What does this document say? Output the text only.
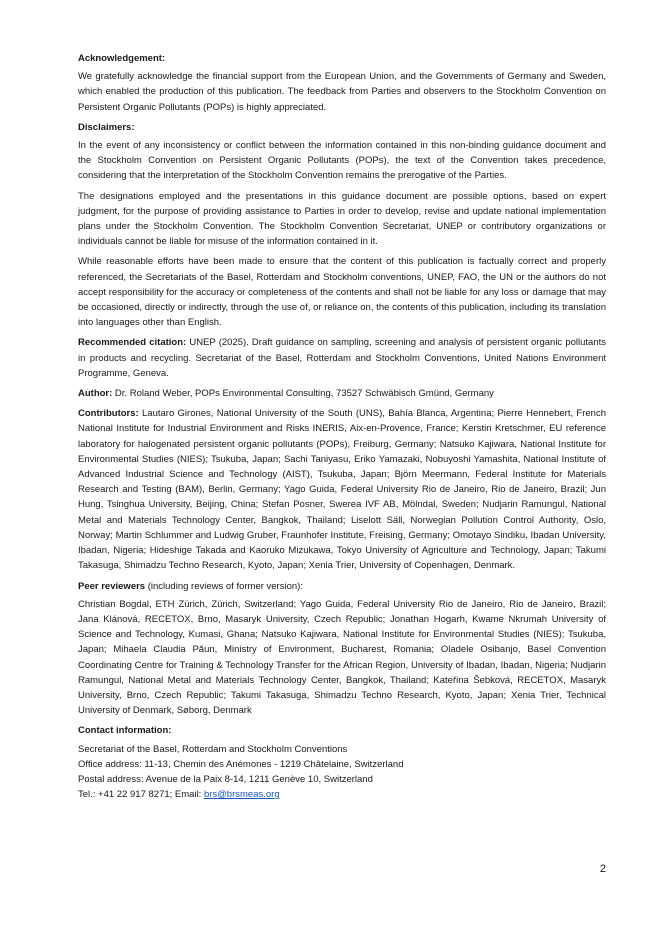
Acknowledgement:

We gratefully acknowledge the financial support from the European Union, and the Governments of Germany and Sweden, which enabled the production of this publication. The feedback from Parties and observers to the Stockholm Convention on Persistent Organic Pollutants (POPs) is highly appreciated.

Disclaimers:

In the event of any inconsistency or conflict between the information contained in this non-binding guidance document and the Stockholm Convention on Persistent Organic Pollutants (POPs), the text of the Convention takes precedence, considering that the interpretation of the Stockholm Convention remains the prerogative of the Parties.

The designations employed and the presentations in this guidance document are possible options, based on expert judgment, for the purpose of providing assistance to Parties in order to develop, revise and update national implementation plans under the Stockholm Convention. The Stockholm Convention Secretariat, UNEP or contributory organizations or individuals cannot be liable for misuse of the information contained in it.

While reasonable efforts have been made to ensure that the content of this publication is factually correct and properly referenced, the Secretariats of the Basel, Rotterdam and Stockholm conventions, UNEP, FAO, the UN or the authors do not accept responsibility for the accuracy or completeness of the contents and shall not be liable for any loss or damage that may be occasioned, directly or indirectly, through the use of, or reliance on, the contents of this publication, including its translation into languages other than English.

Recommended citation: UNEP (2025). Draft guidance on sampling, screening and analysis of persistent organic pollutants in products and recycling. Secretariat of the Basel, Rotterdam and Stockholm Conventions, United Nations Environment Programme, Geneva.

Author: Dr. Roland Weber, POPs Environmental Consulting, 73527 Schwäbisch Gmünd, Germany

Contributors: Lautaro Girones, National University of the South (UNS), Bahía Blanca, Argentina; Pierre Hennebert, French National Institute for Industrial Environment and Risks INERIS, Aix-en-Provence, France; Kerstin Kretschmer, EU reference laboratory for halogenated persistent organic pollutants (POPs), Freiburg, Germany; Natsuko Kajiwara, National Institute for Environmental Studies (NIES); Tsukuba, Japan; Sachi Taniyasu, Eriko Yamazaki, Nobuyoshi Yamashita, National Institute of Advanced Industrial Science and Technology (AIST), Tsukuba, Japan; Björn Meermann, Federal Institute for Materials Research and Testing (BAM), Berlin, Germany; Yago Guida, Federal University Rio de Janeiro, Rio de Janeiro, Brazil; Jun Hung, Tsinghua University, Beijing, China; Stefan Posner, Swerea IVF AB, Mölndal, Sweden; Nudjarin Ramungul, National Metal and Materials Technology Center, Bangkok, Thailand; Liselott Säll, Norwegian Pollution Control Authority, Oslo, Norway; Martin Schlummer and Ludwig Gruber, Fraunhofer Institute, Freising, Germany; Omotayo Sindiku, Ibadan University, Ibadan, Nigeria; Hideshige Takada and Kaoruko Mizukawa, Tokyo University of Agriculture and Technology, Japan; Takumi Takasuga, Shimadzu Techno Research, Kyoto, Japan; Xenia Trier, University of Copenhagen, Denmark.

Peer reviewers (including reviews of former version):

Christian Bogdal, ETH Zürich, Zürich, Switzerland; Yago Guida, Federal University Rio de Janeiro, Rio de Janeiro, Brazil; Jana Klánová, RECETOX, Brno, Masaryk University, Czech Republic; Jonathan Hogarh, Kwame Nkrumah University of Science and Technology, Kumasi, Ghana; Natsuko Kajiwara, National Institute for Environmental Studies (NIES); Tsukuba, Japan; Mihaela Claudia Păun, Ministry of Environment, Bucharest, Romania; Oladele Osibanjo, Basel Convention Coordinating Centre for Training & Technology Transfer for the African Region, University of Ibadan, Ibadan, Nigeria; Nudjarin Ramungul, National Metal and Materials Technology Center, Bangkok, Thailand; Kateřina Šebková, RECETOX, Masaryk University, Brno, Czech Republic; Takumi Takasuga, Shimadzu Techno Research, Kyoto, Japan; Xenia Trier, Technical University of Denmark, Søborg, Denmark

Contact information:

Secretariat of the Basel, Rotterdam and Stockholm Conventions

Office address: 11-13, Chemin des Anémones - 1219 Châtelaine, Switzerland

Postal address: Avenue de la Paix 8-14, 1211 Genève 10, Switzerland

Tel.: +41 22 917 8271; Email: brs@brsmeas.org

2
